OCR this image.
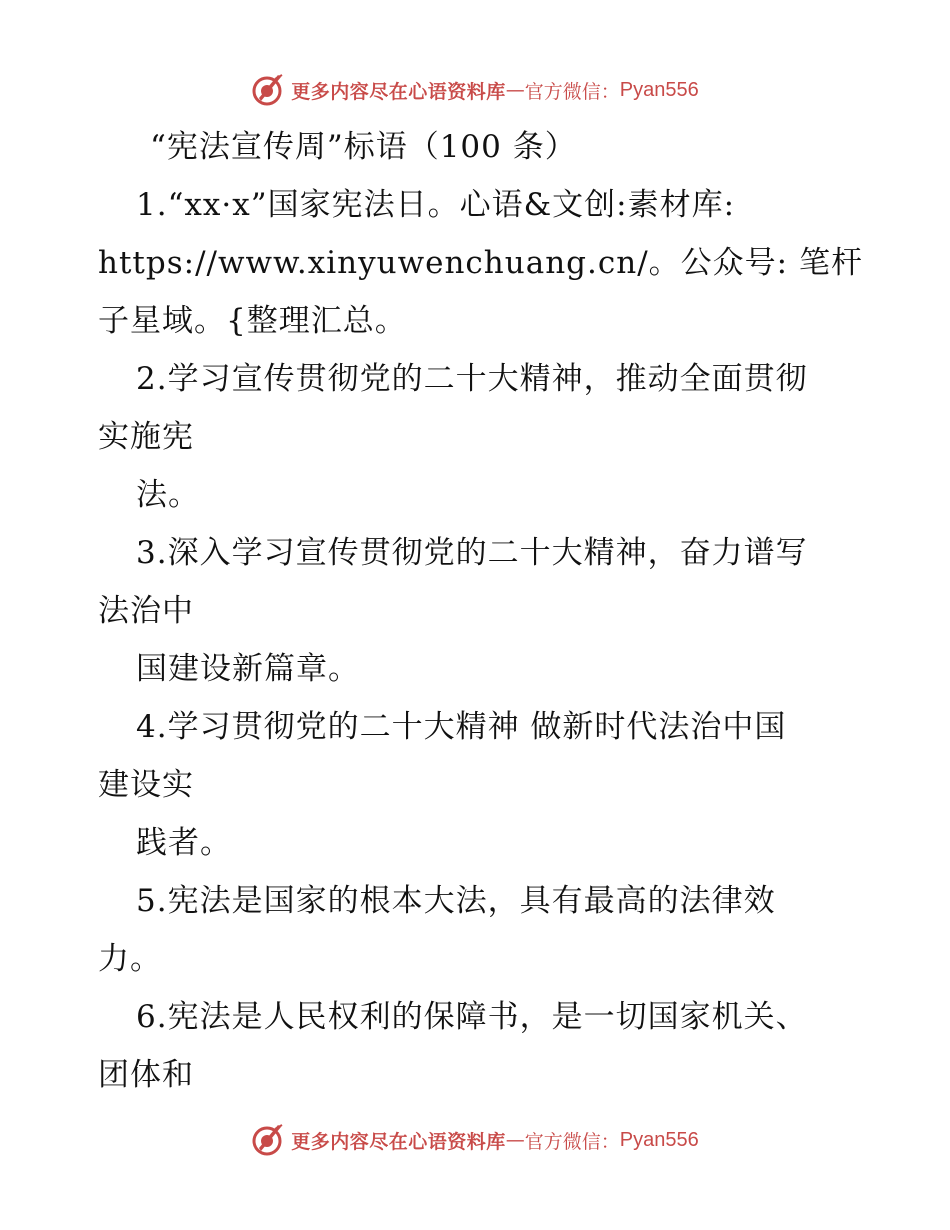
更多内容尽在心语资料库 — 官方微信： Pyan556
“宪法宣传周”标语（100 条）
1.“xx·x”国家宪法日。心语&文创:素材库:
https://www.xinyuwenchuang.cn/。公众号: 笔杆
子星域。{整理汇总。
2.学习宣传贯彻党的二十大精神，推动全面贯彻
实施宪
法。
3.深入学习宣传贯彻党的二十大精神，奋力谱写
法治中
国建设新篇章。
4.学习贯彻党的二十大精神 做新时代法治中国
建设实
践者。
5.宪法是国家的根本大法，具有最高的法律效
力。
6.宪法是人民权利的保障书，是一切国家机关、
团体和
更多内容尽在心语资料库 — 官方微信： Pyan556
